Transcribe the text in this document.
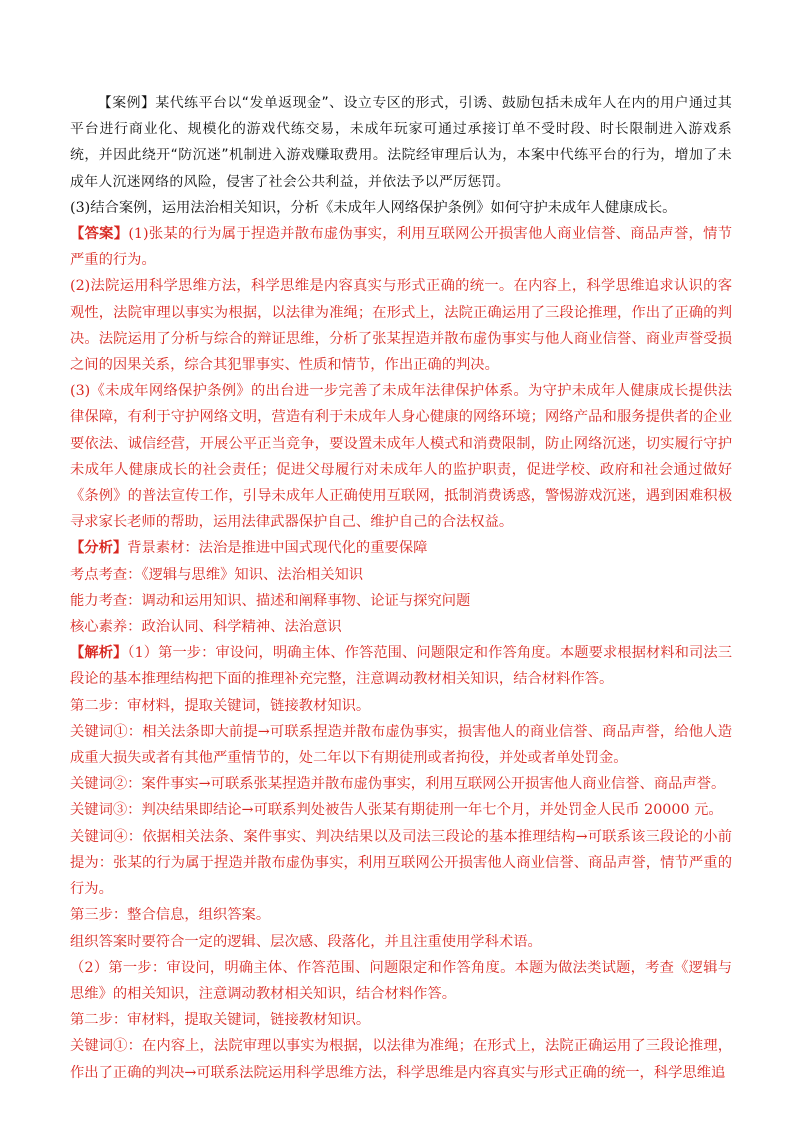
【案例】某代练平台以“发单返现金”、设立专区的形式，引诱、鼓励包括未成年人在内的用户通过其平台进行商业化、规模化的游戏代练交易，未成年玩家可通过承接订单不受时段、时长限制进入游戏系统，并因此绕开“防沉迷”机制进入游戏赚取费用。法院经审理后认为，本案中代练平台的行为，增加了未成年人沉迷网络的风险，侵害了社会公共利益，并依法予以严厉惩罚。

(3)结合案例，运用法治相关知识，分析《未成年人网络保护条例》如何守护未成年人健康成长。

【答案】(1)张某的行为属于捏造并散布虚伪事实，利用互联网公开损害他人商业信誉、商品声誉，情节严重的行为。

(2)法院运用科学思维方法，科学思维是内容真实与形式正确的统一。在内容上，科学思维追求认识的客观性，法院审理以事实为根据，以法律为准绳；在形式上，法院正确运用了三段论推理，作出了正确的判决。法院运用了分析与综合的辩证思维，分析了张某捏造并散布虚伪事实与他人商业信誉、商业声誉受损之间的因果关系，综合其犯罪事实、性质和情节，作出正确的判决。

(3)《未成年网络保护条例》的出台进一步完善了未成年法律保护体系。为守护未成年人健康成长提供法律保障，有利于守护网络文明，营造有利于未成年人身心健康的网络环境；网络产品和服务提供者的企业要依法、诚信经营，开展公平正当竞争，要设置未成年人模式和消费限制，防止网络沉迷，切实履行守护未成年人健康成长的社会责任；促进父母履行对未成年人的监护职责，促进学校、政府和社会通过做好《条例》的普法宣传工作，引导未成年人正确使用互联网，抵制消费诱惑，警惕游戏沉迷，遇到困难积极寻求家长老师的帮助，运用法律武器保护自己、维护自己的合法权益。

【分析】背景素材：法治是推进中国式现代化的重要保障

考点考查：《逻辑与思维》知识、法治相关知识

能力考查：调动和运用知识、描述和阐释事物、论证与探究问题

核心素养：政治认同、科学精神、法治意识

【解析】（1）第一步：审设问，明确主体、作答范围、问题限定和作答角度。本题要求根据材料和司法三段论的基本推理结构把下面的推理补充完整，注意调动教材相关知识，结合材料作答。

第二步：审材料，提取关键词，链接教材知识。

关键词①：相关法条即大前提→可联系捏造并散布虚伪事实，损害他人的商业信誉、商品声誉，给他人造成重大损失或者有其他严重情节的，处二年以下有期徒刑或者拘役，并处或者单处罚金。

关键词②：案件事实→可联系张某捏造并散布虚伪事实，利用互联网公开损害他人商业信誉、商品声誉。

关键词③：判决结果即结论→可联系判处被告人张某有期徒刑一年七个月，并处罚金人民币 20000 元。

关键词④：依据相关法条、案件事实、判决结果以及司法三段论的基本推理结构→可联系该三段论的小前提为：张某的行为属于捏造并散布虚伪事实，利用互联网公开损害他人商业信誉、商品声誉，情节严重的行为。

第三步：整合信息，组织答案。

组织答案时要符合一定的逻辑、层次感、段落化，并且注重使用学科术语。

（2）第一步：审设问，明确主体、作答范围、问题限定和作答角度。本题为做法类试题，考查《逻辑与思维》的相关知识，注意调动教材相关知识，结合材料作答。

第二步：审材料，提取关键词，链接教材知识。

关键词①：在内容上，法院审理以事实为根据，以法律为准绳；在形式上，法院正确运用了三段论推理，作出了正确的判决→可联系法院运用科学思维方法，科学思维是内容真实与形式正确的统一，科学思维追
